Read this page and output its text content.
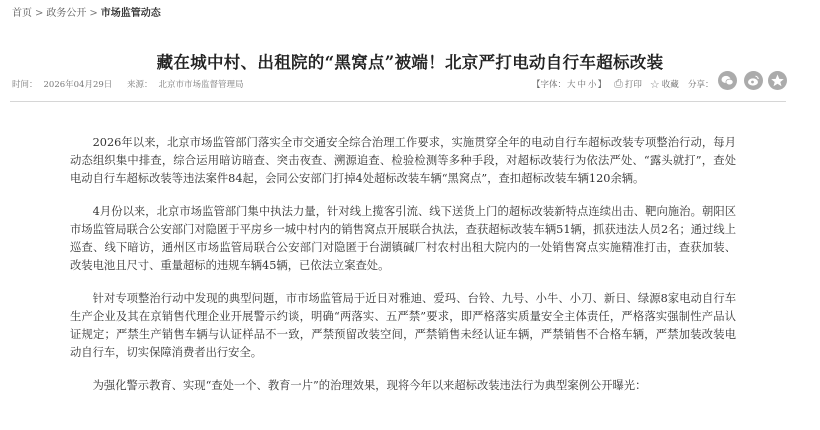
首页 > 政务公开 > 市场监管动态
藏在城中村、出租院的“黑窝点”被端！北京严打电动自行车超标改装
时间： 2026年04月29日 来源： 北京市市场监督管理局	【字体：大 中 小】 ⎙ 打印 ☆ 收藏 分享：

2026年以来，北京市场监管部门落实全市交通安全综合治理工作要求，实施贯穿全年的电动自行车超标改装专项整治行动，每月动态组织集中排查，综合运用暗访暗查、突击夜查、溯源追查、检验检测等多种手段，对超标改装行为依法严处、“露头就打”，查处电动自行车超标改装等违法案件84起，会同公安部门打掉4处超标改装车辆“黑窝点”，查扣超标改装车辆120余辆。

4月份以来，北京市场监管部门集中执法力量，针对线上揽客引流、线下送货上门的超标改装新特点连续出击、靶向施治。朝阳区市场监管局联合公安部门对隐匿于平房乡一城中村内的销售窝点开展联合执法，查获超标改装车辆51辆，抓获违法人员2名；通过线上巡查、线下暗访，通州区市场监管局联合公安部门对隐匿于台湖镇碱厂村农村出租大院内的一处销售窝点实施精准打击，查获加装、改装电池且尺寸、重量超标的违规车辆45辆，已依法立案查处。

针对专项整治行动中发现的典型问题，市市场监管局于近日对雅迪、爱玛、台铃、九号、小牛、小刀、新日、绿源8家电动自行车生产企业及其在京销售代理企业开展警示约谈，明确“两落实、五严禁”要求，即严格落实质量安全主体责任，严格落实强制性产品认证规定；严禁生产销售车辆与认证样品不一致，严禁预留改装空间，严禁销售未经认证车辆，严禁销售不合格车辆，严禁加装改装电动自行车，切实保障消费者出行安全。

为强化警示教育、实现“查处一个、教育一片”的治理效果，现将今年以来超标改装违法行为典型案例公开曝光：
